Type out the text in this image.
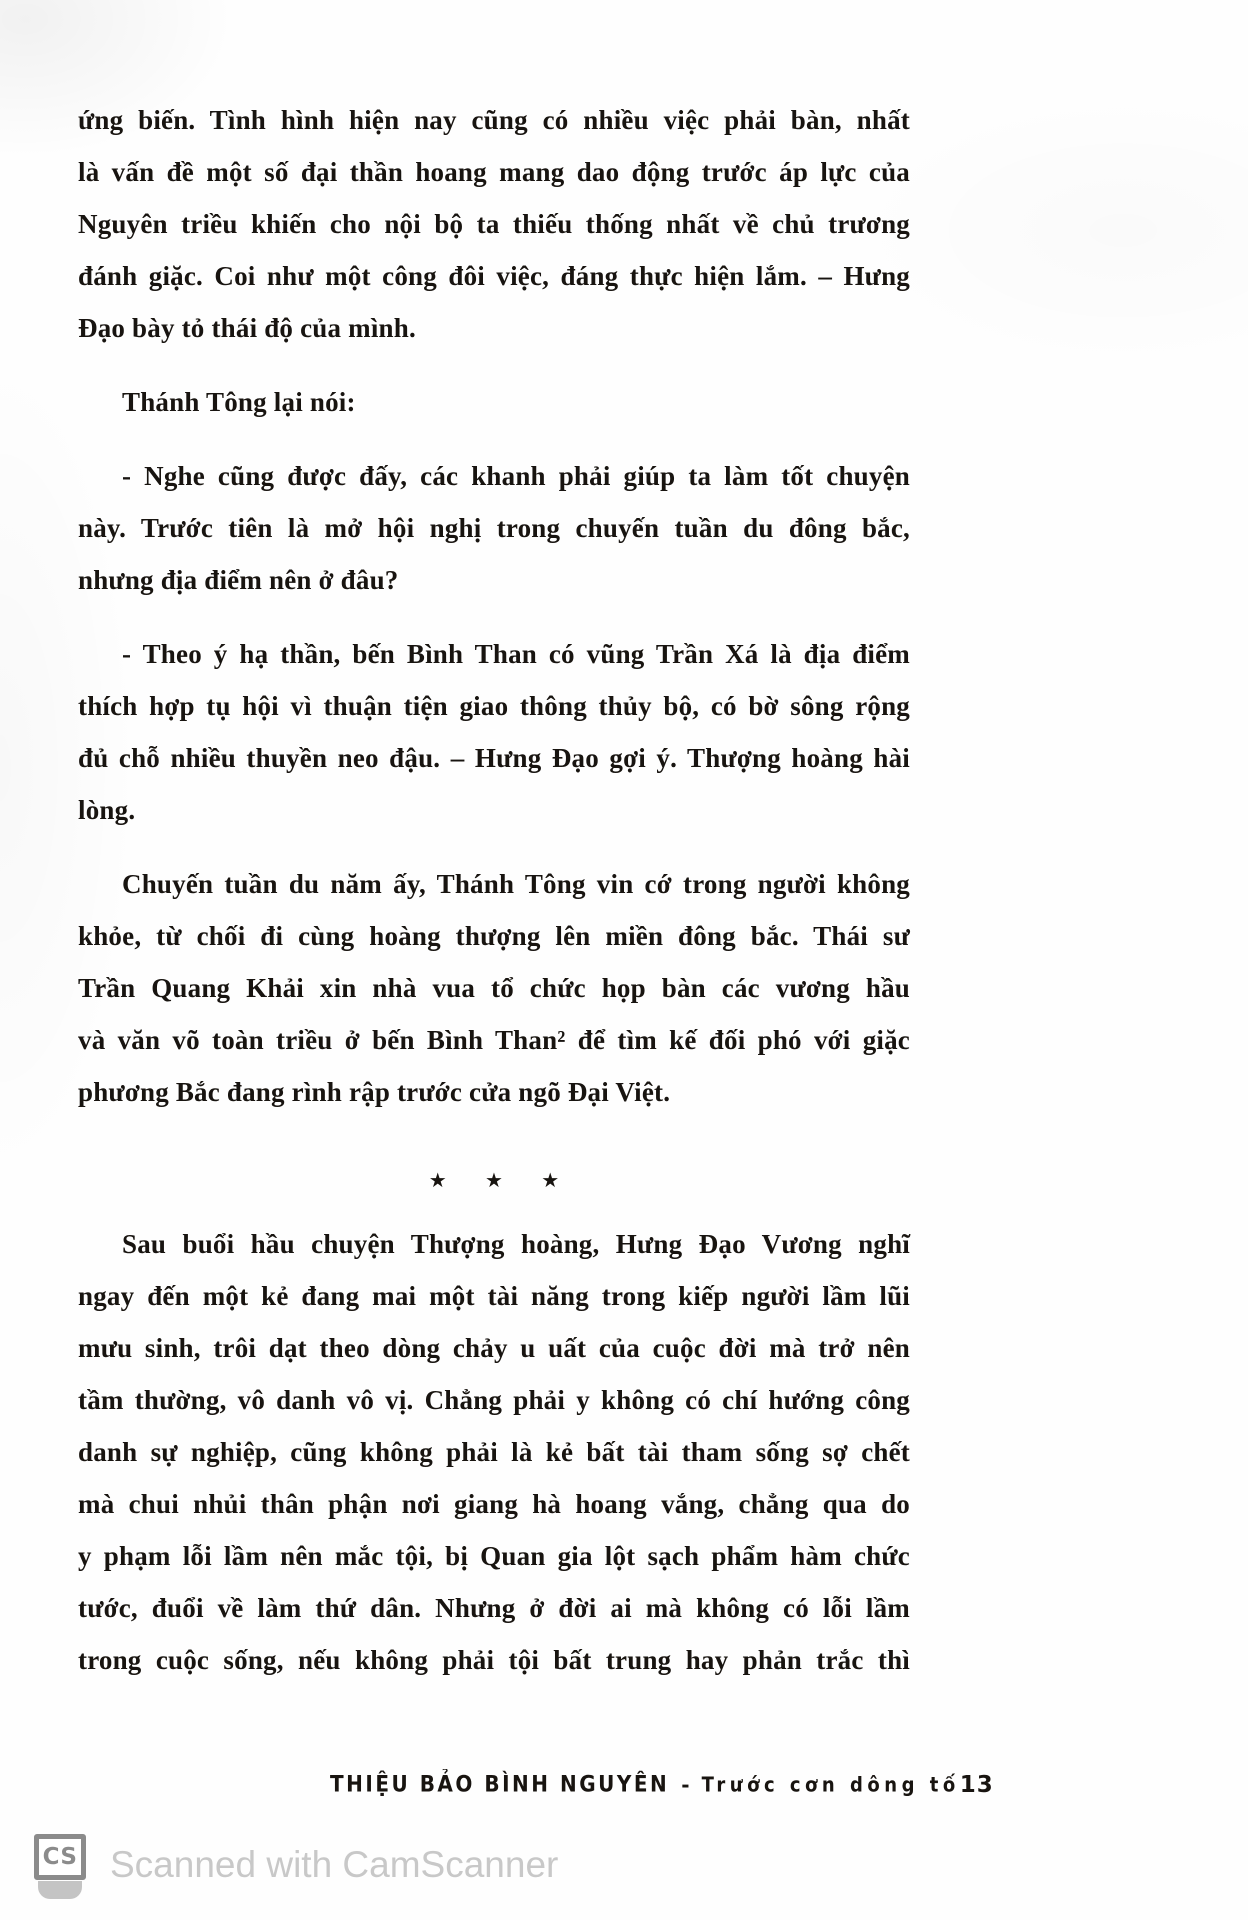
ứng biến. Tình hình hiện nay cũng có nhiều việc phải bàn, nhất
là vấn đề một số đại thần hoang mang dao động trước áp lực của
Nguyên triều khiến cho nội bộ ta thiếu thống nhất về chủ trương
đánh giặc. Coi như một công đôi việc, đáng thực hiện lắm. – Hưng
Đạo bày tỏ thái độ của mình.
Thánh Tông lại nói:
- Nghe cũng được đấy, các khanh phải giúp ta làm tốt chuyện
này. Trước tiên là mở hội nghị trong chuyến tuần du đông bắc,
nhưng địa điểm nên ở đâu?
- Theo ý hạ thần, bến Bình Than có vũng Trần Xá là địa điểm
thích hợp tụ hội vì thuận tiện giao thông thủy bộ, có bờ sông rộng
đủ chỗ nhiều thuyền neo đậu. – Hưng Đạo gợi ý. Thượng hoàng hài
lòng.
Chuyến tuần du năm ấy, Thánh Tông vin cớ trong người không
khỏe, từ chối đi cùng hoàng thượng lên miền đông bắc. Thái sư
Trần Quang Khải xin nhà vua tổ chức họp bàn các vương hầu
và văn võ toàn triều ở bến Bình Than² để tìm kế đối phó với giặc
phương Bắc đang rình rập trước cửa ngõ Đại Việt.
★ ★ ★
Sau buổi hầu chuyện Thượng hoàng, Hưng Đạo Vương nghĩ
ngay đến một kẻ đang mai một tài năng trong kiếp người lầm lũi
mưu sinh, trôi dạt theo dòng chảy u uất của cuộc đời mà trở nên
tầm thường, vô danh vô vị. Chẳng phải y không có chí hướng công
danh sự nghiệp, cũng không phải là kẻ bất tài tham sống sợ chết
mà chui nhủi thân phận nơi giang hà hoang vắng, chẳng qua do
y phạm lỗi lầm nên mắc tội, bị Quan gia lột sạch phẩm hàm chức
tước, đuổi về làm thứ dân. Nhưng ở đời ai mà không có lỗi lầm
trong cuộc sống, nếu không phải tội bất trung hay phản trắc thì
THIỆU BẢO BÌNH NGUYÊN - Trước cơn dông tố 13
CS Scanned with CamScanner
